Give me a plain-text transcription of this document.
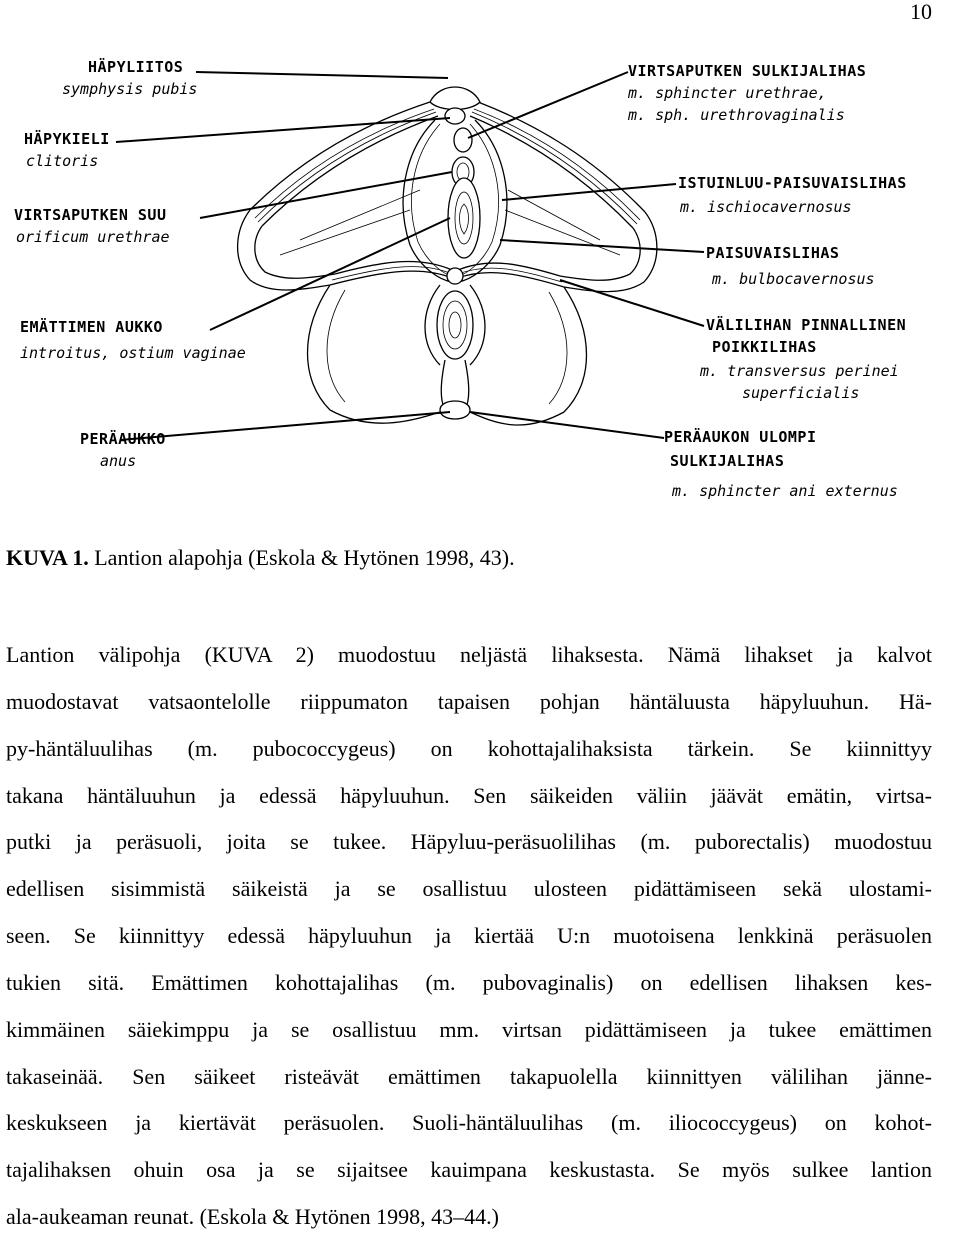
10
HÄPYLIITOS
symphysis pubis
HÄPYKIELI
clitoris
VIRTSAPUTKEN SUU
orificum urethrae
EMÄTTIMEN AUKKO
introitus, ostium vaginae
PERÄAUKKO
anus
VIRTSAPUTKEN SULKIJALIHAS
m. sphincter urethrae,
m. sph. urethrovaginalis
ISTUINLUU-PAISUVAISLIHAS
m. ischiocavernosus
PAISUVAISLIHAS
m. bulbocavernosus
VÄLILIHAN PINNALLINEN
POIKKILIHAS
m. transversus perinei
superficialis
PERÄAUKON ULOMPI
SULKIJALIHAS
m. sphincter ani externus
KUVA 1. Lantion alapohja (Eskola & Hytönen 1998, 43).
Lantion välipohja (KUVA 2) muodostuu neljästä lihaksesta. Nämä lihakset ja kalvot
muodostavat vatsaontelolle riippumaton tapaisen pohjan häntäluusta häpyluuhun. Hä-
py-häntäluulihas (m. pubococcygeus) on kohottajalihaksista tärkein. Se kiinnittyy
takana häntäluuhun ja edessä häpyluuhun. Sen säikeiden väliin jäävät emätin, virtsa-
putki ja peräsuoli, joita se tukee. Häpyluu-peräsuolilihas (m. puborectalis) muodostuu
edellisen sisimmistä säikeistä ja se osallistuu ulosteen pidättämiseen sekä ulostami-
seen. Se kiinnittyy edessä häpyluuhun ja kiertää U:n muotoisena lenkkinä peräsuolen
tukien sitä. Emättimen kohottajalihas (m. pubovaginalis) on edellisen lihaksen kes-
kimmäinen säiekimppu ja se osallistuu mm. virtsan pidättämiseen ja tukee emättimen
takaseinää. Sen säikeet risteävät emättimen takapuolella kiinnittyen välilihan jänne-
keskukseen ja kiertävät peräsuolen. Suoli-häntäluulihas (m. iliococcygeus) on kohot-
tajalihaksen ohuin osa ja se sijaitsee kauimpana keskustasta. Se myös sulkee lantion
ala-aukeaman reunat. (Eskola & Hytönen 1998, 43–44.)
